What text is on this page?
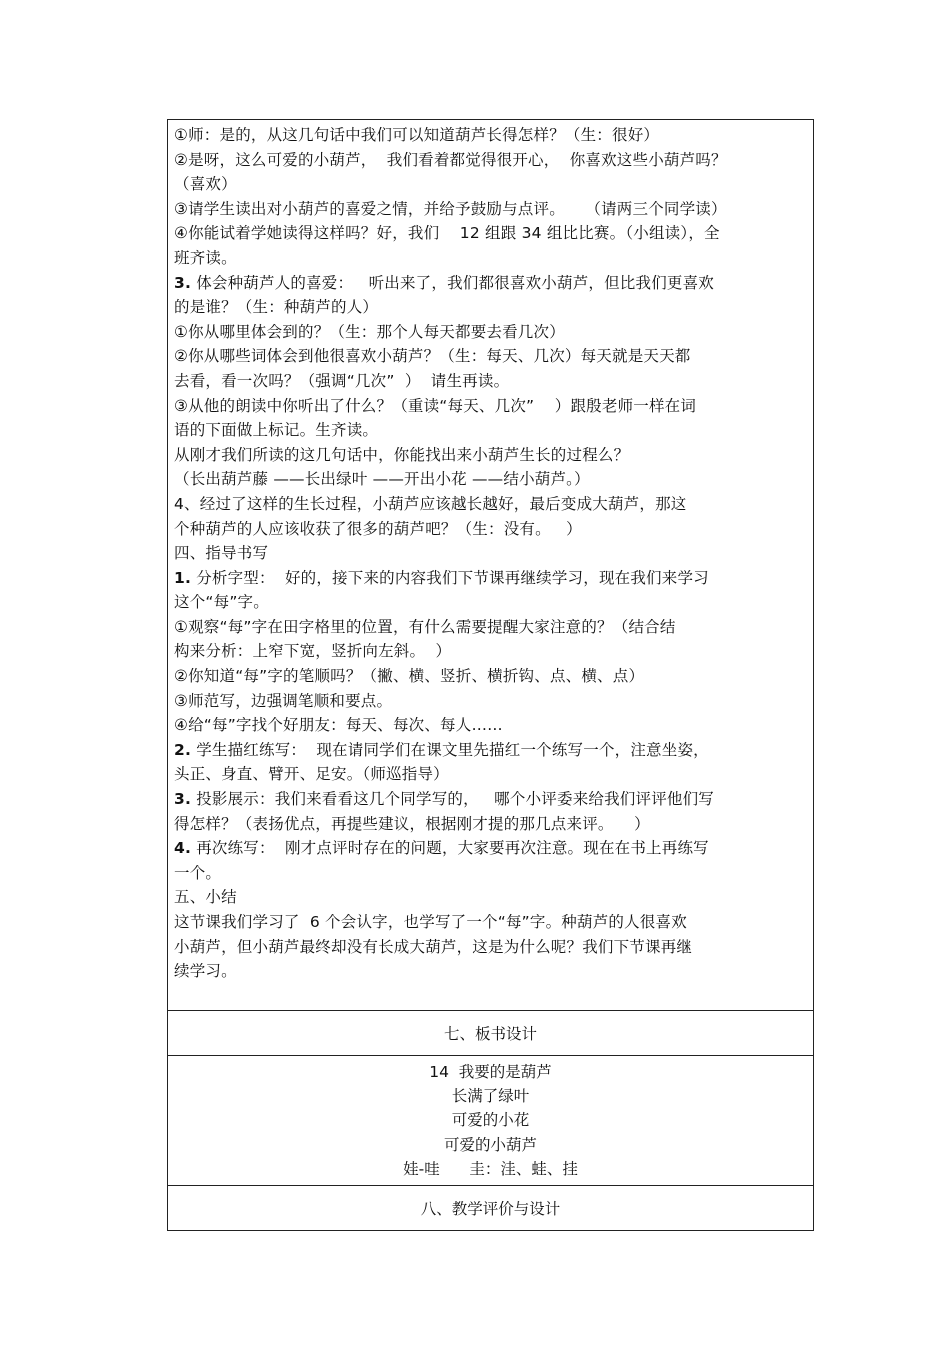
①师：是的，从这几句话中我们可以知道葫芦长得怎样？（生：很好）
②是呀，这么可爱的小葫芦，  我们看着都觉得很开心，  你喜欢这些小葫芦吗？
（喜欢）
③请学生读出对小葫芦的喜爱之情，并给予鼓励与点评。    （请两三个同学读）
④你能试着学她读得这样吗？好，我们    12 组跟 34 组比比赛。（小组读），全
班齐读。
3. 体会种葫芦人的喜爱：   听出来了，我们都很喜欢小葫芦，但比我们更喜欢
的是谁？（生：种葫芦的人）
①你从哪里体会到的？（生：那个人每天都要去看几次）
②你从哪些词体会到他很喜欢小葫芦？（生：每天、几次）每天就是天天都
去看，看一次吗？（强调“几次”  ）  请生再读。
③从他的朗读中你听出了什么？（重读“每天、几次”    ）跟殷老师一样在词
语的下面做上标记。生齐读。
从刚才我们所读的这几句话中，你能找出来小葫芦生长的过程么？
（长出葫芦藤 ——长出绿叶 ——开出小花 ——结小葫芦。）
4、经过了这样的生长过程，小葫芦应该越长越好，最后变成大葫芦，那这
个种葫芦的人应该收获了很多的葫芦吧？（生：没有。   ）
四、指导书写
1. 分析字型：  好的，接下来的内容我们下节课再继续学习，现在我们来学习
这个“每”字。
①观察“每”字在田字格里的位置，有什么需要提醒大家注意的？（结合结
构来分析：上窄下宽，竖折向左斜。  ）
②你知道“每”字的笔顺吗？（撇、横、竖折、横折钩、点、横、点）
③师范写，边强调笔顺和要点。
④给“每”字找个好朋友：每天、每次、每人……
2. 学生描红练写：  现在请同学们在课文里先描红一个练写一个，注意坐姿，
头正、身直、臂开、足安。（师巡指导）
3. 投影展示：我们来看看这几个同学写的，   哪个小评委来给我们评评他们写
得怎样？（表扬优点，再提些建议，根据刚才提的那几点来评。    ）
4. 再次练写：  刚才点评时存在的问题，大家要再次注意。现在在书上再练写
一个。
五、小结
这节课我们学习了  6 个会认字，也学写了一个“每”字。种葫芦的人很喜欢
小葫芦，但小葫芦最终却没有长成大葫芦，这是为什么呢？我们下节课再继
续学习。

七、板书设计

14  我要的是葫芦
长满了绿叶
可爱的小花
可爱的小葫芦
娃-哇      圭：洼、蛙、挂

八、教学评价与设计
